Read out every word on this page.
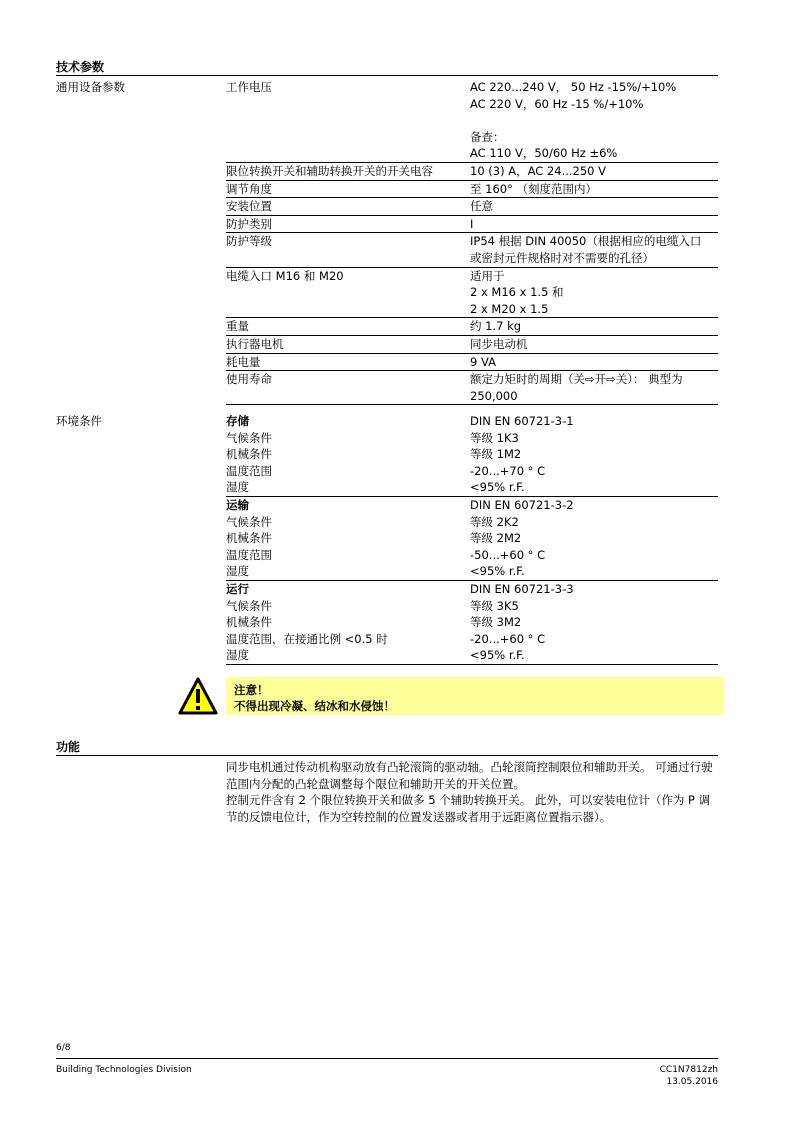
技术参数
通用设备参数	工作电压	AC 220...240 V， 50 Hz -15%/+10%
AC 220 V，60 Hz -15 %/+10%
备查：
AC 110 V，50/60 Hz ±6%

限位转换开关和辅助转换开关的开关电容	10 (3) A，AC 24...250 V

调节角度	至 160° （刻度范围内）

安装位置	任意

防护类别	I

防护等级	IP54 根据 DIN 40050（根据相应的电缆入口
或密封元件规格时对不需要的孔径）

电缆入口 M16 和 M20	适用于
2 x M16 x 1.5 和
2 x M20 x 1.5

重量	约 1.7 kg

执行器电机	同步电动机

耗电量	9 VA

使用寿命	额定力矩时的周期（关⇨开⇨关）： 典型为
250,000
环境条件	存储	DIN EN 60721-3-1
气候条件	等级 1K3
机械条件	等级 1M2
温度范围	-20...+70 ° C
湿度	<95% r.F.
运输	DIN EN 60721-3-2
气候条件	等级 2K2
机械条件	等级 2M2
温度范围	-50...+60 ° C
湿度	<95% r.F.
运行	DIN EN 60721-3-3
气候条件	等级 3K5
机械条件	等级 3M2
温度范围，在接通比例 <0.5 时	-20...+60 ° C
湿度	<95% r.F.
注意！
不得出现冷凝、结冰和水侵蚀！
功能

同步电机通过传动机构驱动放有凸轮滚筒的驱动轴。凸轮滚筒控制限位和辅助开关。 可通过行驶范围内分配的凸轮盘调整每个限位和辅助开关的开关位置。

控制元件含有 2 个限位转换开关和做多 5 个辅助转换开关。 此外，可以安装电位计（作为 P 调节的反馈电位计，作为空转控制的位置发送器或者用于远距离位置指示器）。

6/8
Building Technologies Division	CC1N7812zh
13.05.2016
